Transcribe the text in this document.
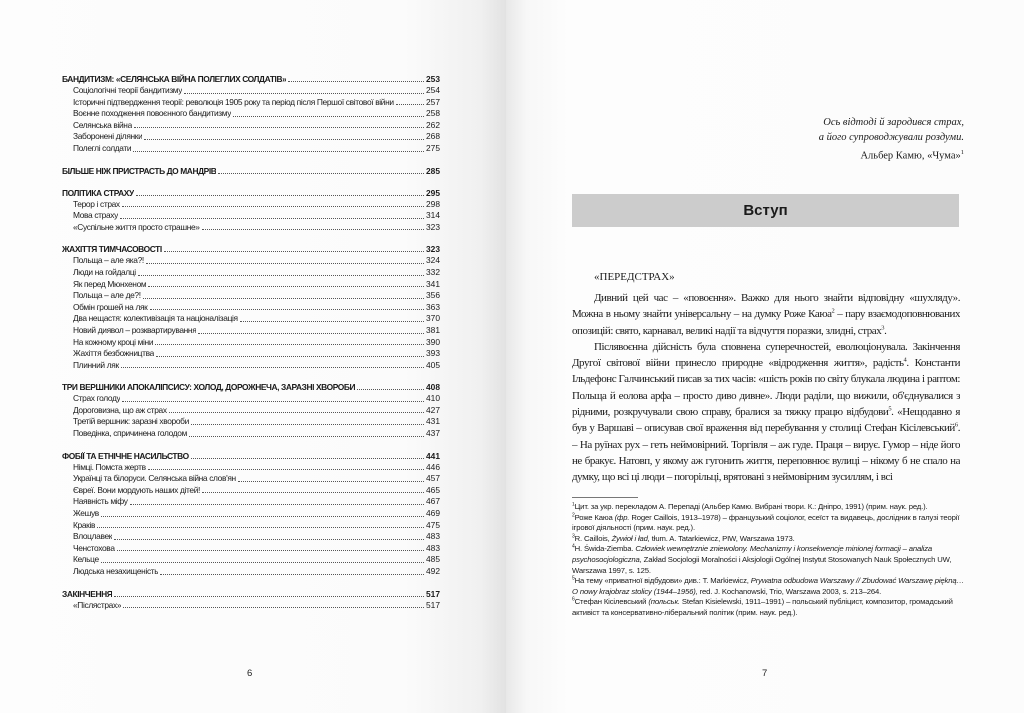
БАНДИТИЗМ: «СЕЛЯНСЬКА ВІЙНА ПОЛЕГЛИХ СОЛДАТІВ»	253
Соціологічні теорії бандитизму	254
Історичні підтвердження теорії: революція 1905 року та період після Першої світової війни	257
Воєнне походження повоєнного бандитизму	258
Селянська війна	262
Заборонені ділянки	268
Полеглі солдати	275
БІЛЬШЕ НІЖ ПРИСТРАСТЬ ДО МАНДРІВ	285
ПОЛІТИКА СТРАХУ	295
Терор і страх	298
Мова страху	314
«Суспільне життя просто страшне»	323
ЖАХІТТЯ ТИМЧАСОВОСТІ	323
Польща – але яка?!	324
Люди на гойдалці	332
Як перед Мюнхеном	341
Польща – але де?!	356
Обмін грошей на ляк	363
Два нещастя: колективізація та націоналізація	370
Новий диявол – розквартирування	381
На кожному кроці міни	390
Жахіття безбожництва	393
Плинний ляк	405
ТРИ ВЕРШНИКИ АПОКАЛІПСИСУ: ХОЛОД, ДОРОЖНЕЧА, ЗАРАЗНІ ХВОРОБИ	408
Страх голоду	410
Дороговизна, що аж страх	427
Третій вершник: заразні хвороби	431
Поведінка, спричинена голодом	437
ФОБІЇ ТА ЕТНІЧНЕ НАСИЛЬСТВО	441
Німці. Помста жертв	446
Українці та білоруси. Селянська війна слов'ян	457
Євреї. Вони мордують наших дітей!	465
Наявність міфу	467
Жешув	469
Краків	475
Влоцлавек	483
Ченстохова	483
Кельце	485
Людська незахищеність	492
ЗАКІНЧЕННЯ	517
«Післястрах»	517
6
Ось відтоді й зародився страх,
а його супроводжували роздуми.
Альбер Камю, «Чума»$^1$
Вступ
«ПЕРЕДСТРАХ»

Дивний цей час – «повоєння». Важко для нього знайти відповідну «шухляду». Можна в ньому знайти універсальну – на думку Роже Каюа$^2$ – пару взаємодоповнюваних опозицій: свято, карнавал, великі надії та відчуття поразки, злидні, страх$^3$.

Післявоєнна дійсність була сповнена суперечностей, еволюціонувала. Закінчення Другої світової війни принесло природне «відродження життя», радість$^4$. Константи Ільдефонс Галчинський писав за тих часів: «шість років по світу блукала людина і раптом: Польща й еолова арфа – просто диво дивне». Люди раділи, що вижили, об'єднувалися з рідними, розкручували свою справу, бралися за тяжку працю відбудови$^5$. «Нещодавно я був у Варшаві – описував свої враження від перебування у столиці Стефан Кісілевський$^6$. – На руїнах рух – геть неймовірний. Торгівля – аж гуде. Праця – вирує. Гумор – ніде його не бракує. Натовп, у якому аж гугонить життя, переповнює вулиці – нікому б не спало на думку, що всі ці люди – погорільці, врятовані з неймовірним зусиллям, і всі

$^1$Цит. за укр. перекладом А. Перепаді (Альбер Камю. Вибрані твори. К.: Дніпро, 1991) (прим. наук. ред.).

$^2$Роже Каюа (фр. Roger Caillois, 1913–1978) – французький соціолог, есеїст та видавець, дослідник в галузі теорії ігрової діяльності (прим. наук. ред.).

$^3$R. Caillois, Żywioł i ład, tłum. A. Tatarkiewicz, PIW, Warszawa 1973.

$^4$H. Świda-Ziemba. Człowiek wewnętrznie zniewolony. Mechanizmy i konsekwencje minionej formacji – analiza psychosocjologiczna, Zakład Socjologii Moralności i Aksjologii Ogólnej Instytut Stosowanych Nauk Społecznych UW, Warszawa 1997, s. 125.

$^5$На тему «приватної відбудови» див.: T. Markiewicz, Prywatna odbudowa Warszawy // Zbudować Warszawę piękną… O nowy krajobraz stolicy (1944–1956), red. J. Kochanowski, Trio, Warszawa 2003, s. 213–264.

$^6$Стефан Кісілевський (польськ. Stefan Kisielewski, 1911–1991) – польський публіцист, композитор, громадський активіст та консервативно-ліберальний політик (прим. наук. ред.).

7
